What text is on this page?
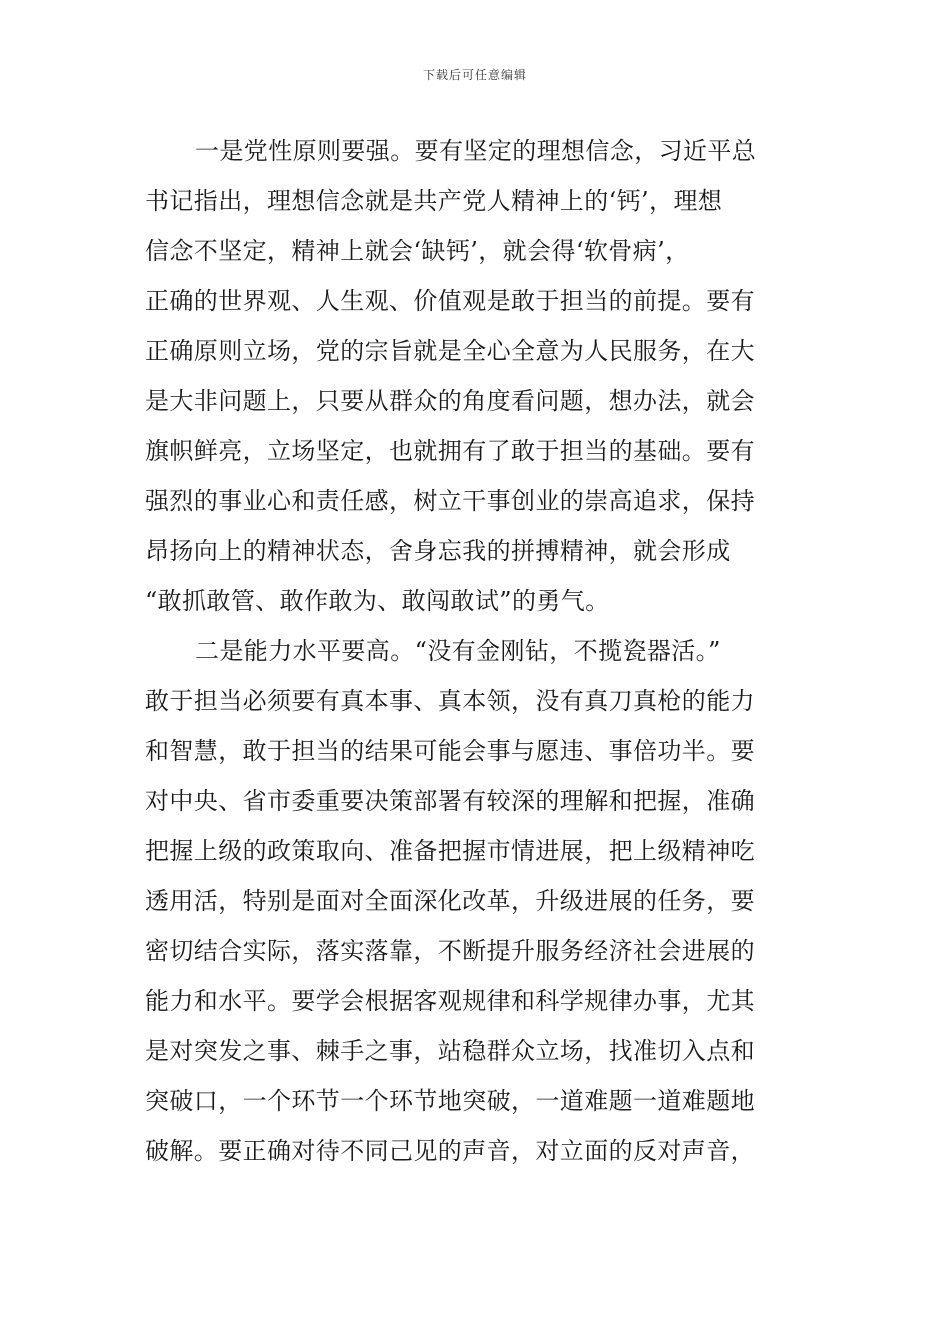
下载后可任意编辑
一是党性原则要强。要有坚定的理想信念，习近平总
书记指出，理想信念就是共产党人精神上的‘钙’，理想
信念不坚定，精神上就会‘缺钙’，就会得‘软骨病’，
正确的世界观、人生观、价值观是敢于担当的前提。要有
正确原则立场，党的宗旨就是全心全意为人民服务，在大
是大非问题上，只要从群众的角度看问题，想办法，就会
旗帜鲜亮，立场坚定，也就拥有了敢于担当的基础。要有
强烈的事业心和责任感，树立干事创业的崇高追求，保持
昂扬向上的精神状态，舍身忘我的拼搏精神，就会形成
“敢抓敢管、敢作敢为、敢闯敢试”的勇气。
二是能力水平要高。“没有金刚钻，不揽瓷器活。”
敢于担当必须要有真本事、真本领，没有真刀真枪的能力
和智慧，敢于担当的结果可能会事与愿违、事倍功半。要
对中央、省市委重要决策部署有较深的理解和把握，准确
把握上级的政策取向、准备把握市情进展，把上级精神吃
透用活，特别是面对全面深化改革，升级进展的任务，要
密切结合实际，落实落靠，不断提升服务经济社会进展的
能力和水平。要学会根据客观规律和科学规律办事，尤其
是对突发之事、棘手之事，站稳群众立场，找准切入点和
突破口，一个环节一个环节地突破，一道难题一道难题地
破解。要正确对待不同己见的声音，对立面的反对声音，
